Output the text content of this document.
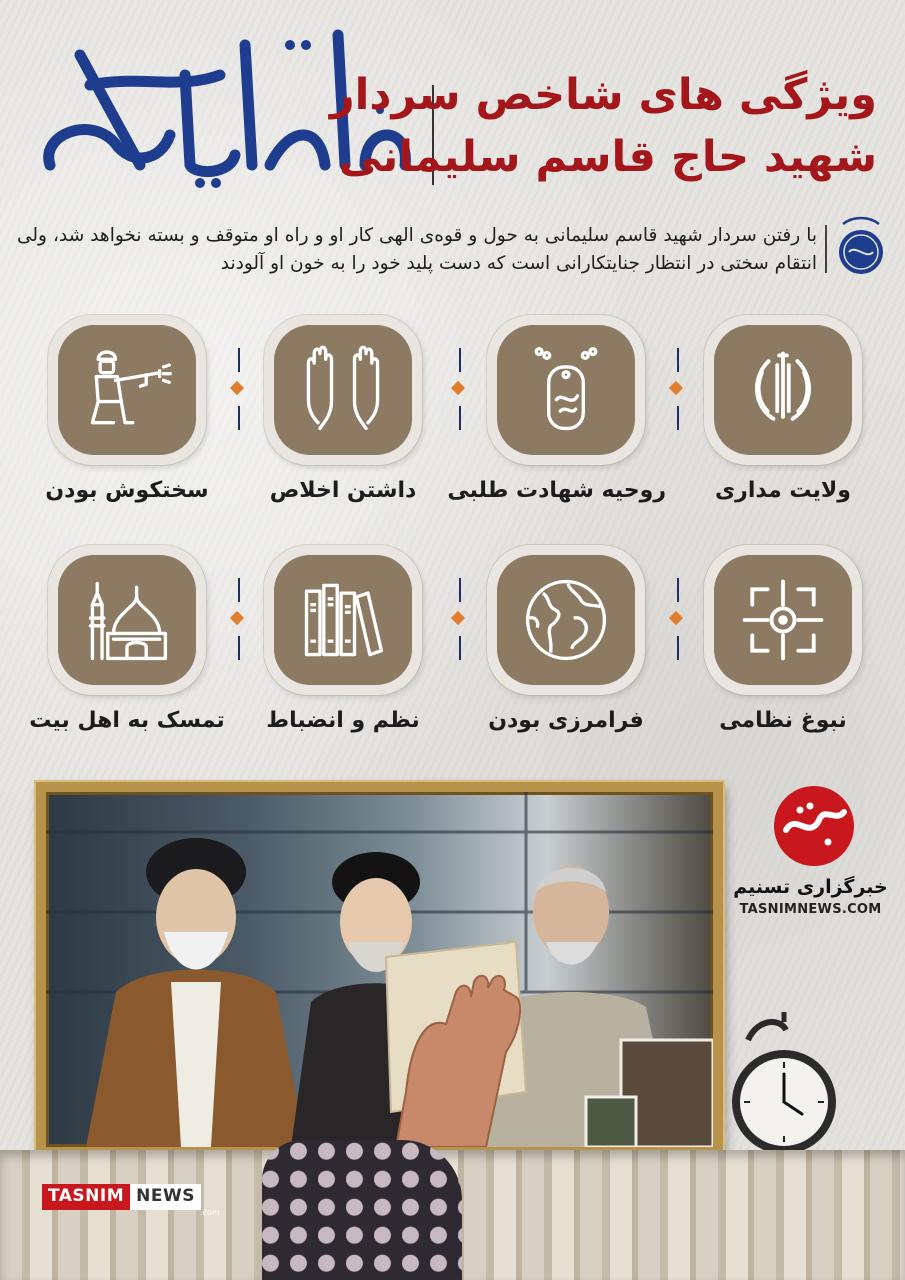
ویژگی های شاخص سردار
شهید حاج قاسم سلیمانی
با رفتن سردار شهید قاسم سلیمانی به حول و قوه‌ی الهی کار او و راه او متوقف و بسته نخواهد شد، ولی انتقام سختی در انتظار جنایتکارانی است که دست پلید خود را به خون او آلودند
ولایت مداری
روحیه شهادت طلبی
داشتن اخلاص
سختکوش بودن
نبوغ نظامی
فرامرزی بودن
نظم و انضباط
تمسک به اهل بیت
خبرگزاری تسنیم
TASNIMNEWS.COM
TASNIM NEWS
.com
